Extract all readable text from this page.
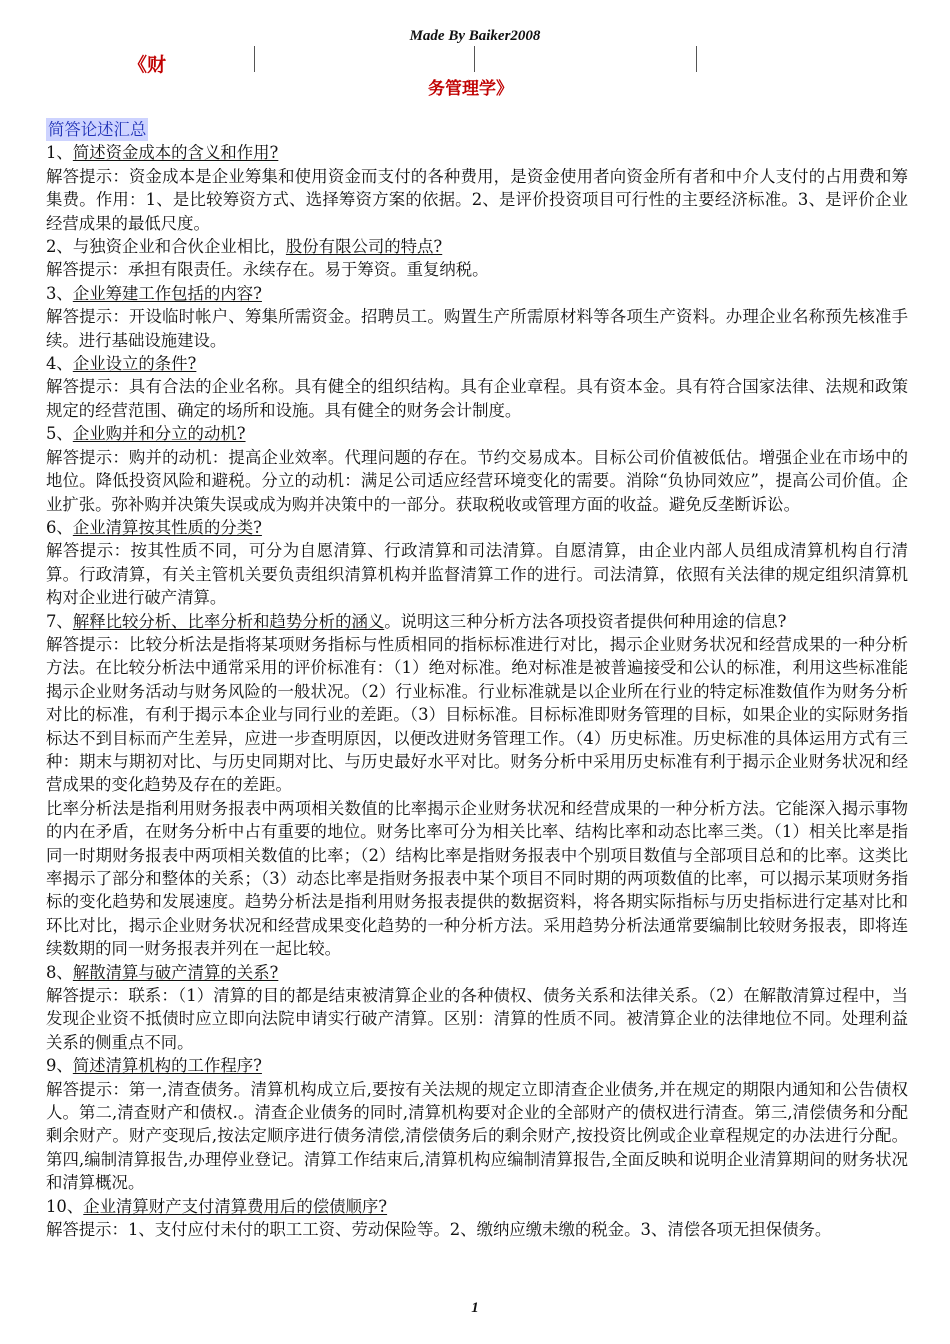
Made By Baiker2008
《财
务管理学》

简答论述汇总

1、简述资金成本的含义和作用?

解答提示：资金成本是企业筹集和使用资金而支付的各种费用，是资金使用者向资金所有者和中介人支付的占用费和筹集费。作用：1、是比较筹资方式、选择筹资方案的依据。2、是评价投资项目可行性的主要经济标准。3、是评价企业经营成果的最低尺度。

2、与独资企业和合伙企业相比，股份有限公司的特点?

解答提示：承担有限责任。永续存在。易于筹资。重复纳税。

3、企业筹建工作包括的内容?

解答提示：开设临时帐户、筹集所需资金。招聘员工。购置生产所需原材料等各项生产资料。办理企业名称预先核准手续。进行基础设施建设。

4、企业设立的条件?

解答提示：具有合法的企业名称。具有健全的组织结构。具有企业章程。具有资本金。具有符合国家法律、法规和政策规定的经营范围、确定的场所和设施。具有健全的财务会计制度。

5、企业购并和分立的动机?

解答提示：购并的动机：提高企业效率。代理问题的存在。节约交易成本。目标公司价值被低估。增强企业在市场中的地位。降低投资风险和避税。分立的动机：满足公司适应经营环境变化的需要。消除“负协同效应”，提高公司价值。企业扩张。弥补购并决策失误或成为购并决策中的一部分。获取税收或管理方面的收益。避免反垄断诉讼。

6、企业清算按其性质的分类?

解答提示：按其性质不同，可分为自愿清算、行政清算和司法清算。自愿清算，由企业内部人员组成清算机构自行清算。行政清算，有关主管机关要负责组织清算机构并监督清算工作的进行。司法清算，依照有关法律的规定组织清算机构对企业进行破产清算。

7、解释比较分析、比率分析和趋势分析的涵义。说明这三种分析方法各项投资者提供何种用途的信息?

解答提示：比较分析法是指将某项财务指标与性质相同的指标标准进行对比，揭示企业财务状况和经营成果的一种分析方法。在比较分析法中通常采用的评价标准有：（1）绝对标准。绝对标准是被普遍接受和公认的标准，利用这些标准能揭示企业财务活动与财务风险的一般状况。（2）行业标准。行业标准就是以企业所在行业的特定标准数值作为财务分析对比的标准，有利于揭示本企业与同行业的差距。（3）目标标准。目标标准即财务管理的目标，如果企业的实际财务指标达不到目标而产生差异，应进一步查明原因，以便改进财务管理工作。（4）历史标准。历史标准的具体运用方式有三种：期末与期初对比、与历史同期对比、与历史最好水平对比。财务分析中采用历史标准有利于揭示企业财务状况和经营成果的变化趋势及存在的差距。

比率分析法是指利用财务报表中两项相关数值的比率揭示企业财务状况和经营成果的一种分析方法。它能深入揭示事物的内在矛盾，在财务分析中占有重要的地位。财务比率可分为相关比率、结构比率和动态比率三类。（1）相关比率是指同一时期财务报表中两项相关数值的比率；（2）结构比率是指财务报表中个别项目数值与全部项目总和的比率。这类比率揭示了部分和整体的关系；（3）动态比率是指财务报表中某个项目不同时期的两项数值的比率，可以揭示某项财务指标的变化趋势和发展速度。趋势分析法是指利用财务报表提供的数据资料，将各期实际指标与历史指标进行定基对比和环比对比，揭示企业财务状况和经营成果变化趋势的一种分析方法。采用趋势分析法通常要编制比较财务报表，即将连续数期的同一财务报表并列在一起比较。

8、解散清算与破产清算的关系?

解答提示：联系：（1）清算的目的都是结束被清算企业的各种债权、债务关系和法律关系。（2）在解散清算过程中，当发现企业资不抵债时应立即向法院申请实行破产清算。区别：清算的性质不同。被清算企业的法律地位不同。处理利益关系的侧重点不同。

9、简述清算机构的工作程序?

解答提示：第一,清查债务。清算机构成立后,要按有关法规的规定立即清查企业债务,并在规定的期限内通知和公告债权人。第二,清查财产和债权.。清查企业债务的同时,清算机构要对企业的全部财产的债权进行清查。第三,清偿债务和分配剩余财产。财产变现后,按法定顺序进行债务清偿,清偿债务后的剩余财产,按投资比例或企业章程规定的办法进行分配。第四,编制清算报告,办理停业登记。清算工作结束后,清算机构应编制清算报告,全面反映和说明企业清算期间的财务状况和清算概况。

10、企业清算财产支付清算费用后的偿债顺序?

解答提示：1、支付应付未付的职工工资、劳动保险等。2、缴纳应缴未缴的税金。3、清偿各项无担保债务。

1
